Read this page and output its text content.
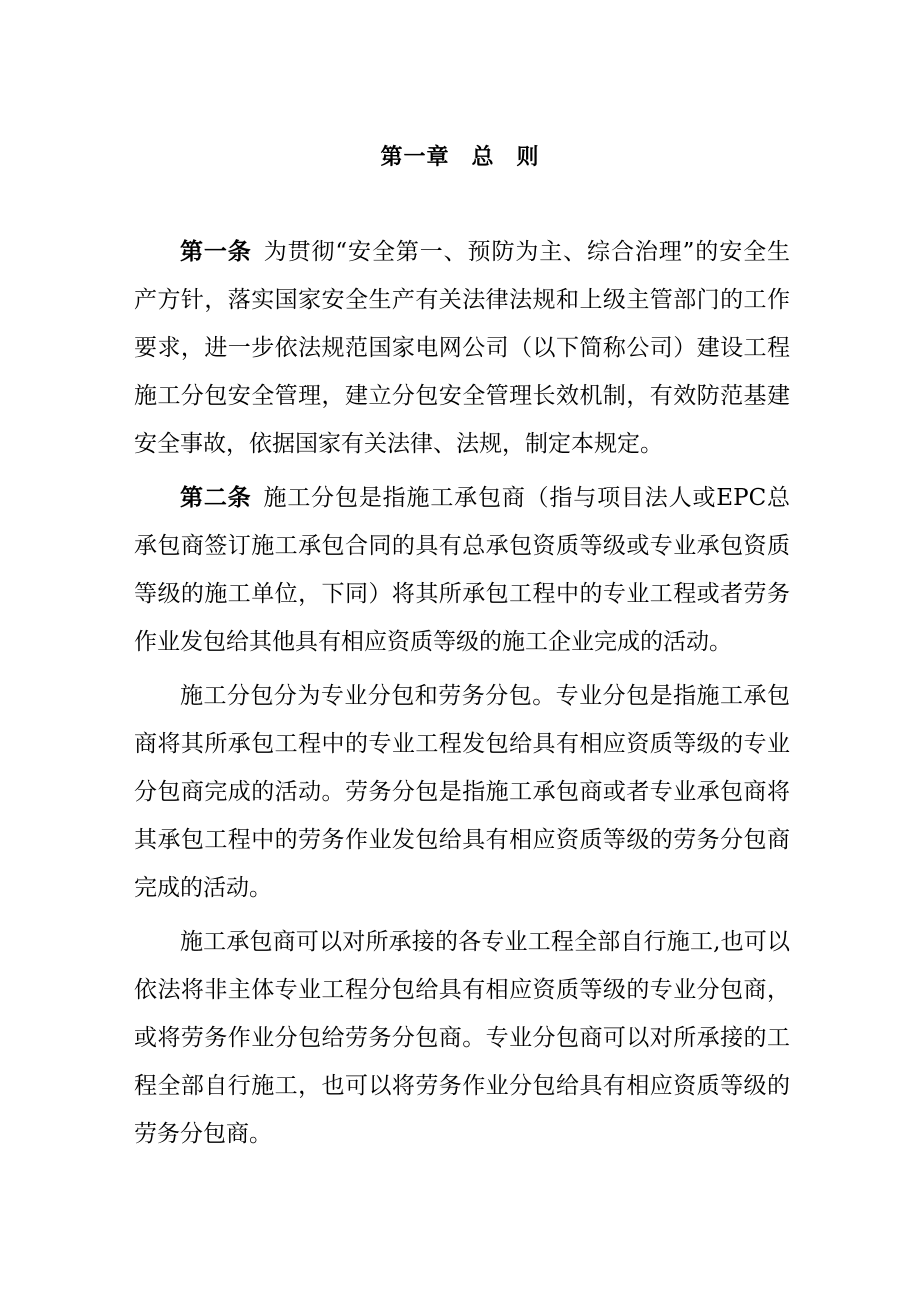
第一章 总 则

第一条 为贯彻“安全第一、预防为主、综合治理”的安全生产方针，落实国家安全生产有关法律法规和上级主管部门的工作要求，进一步依法规范国家电网公司（以下简称公司）建设工程施工分包安全管理，建立分包安全管理长效机制，有效防范基建安全事故，依据国家有关法律、法规，制定本规定。

第二条 施工分包是指施工承包商（指与项目法人或EPC总承包商签订施工承包合同的具有总承包资质等级或专业承包资质等级的施工单位，下同）将其所承包工程中的专业工程或者劳务作业发包给其他具有相应资质等级的施工企业完成的活动。

施工分包分为专业分包和劳务分包。专业分包是指施工承包商将其所承包工程中的专业工程发包给具有相应资质等级的专业分包商完成的活动。劳务分包是指施工承包商或者专业承包商将其承包工程中的劳务作业发包给具有相应资质等级的劳务分包商完成的活动。

施工承包商可以对所承接的各专业工程全部自行施工,也可以依法将非主体专业工程分包给具有相应资质等级的专业分包商，或将劳务作业分包给劳务分包商。专业分包商可以对所承接的工程全部自行施工，也可以将劳务作业分包给具有相应资质等级的劳务分包商。
